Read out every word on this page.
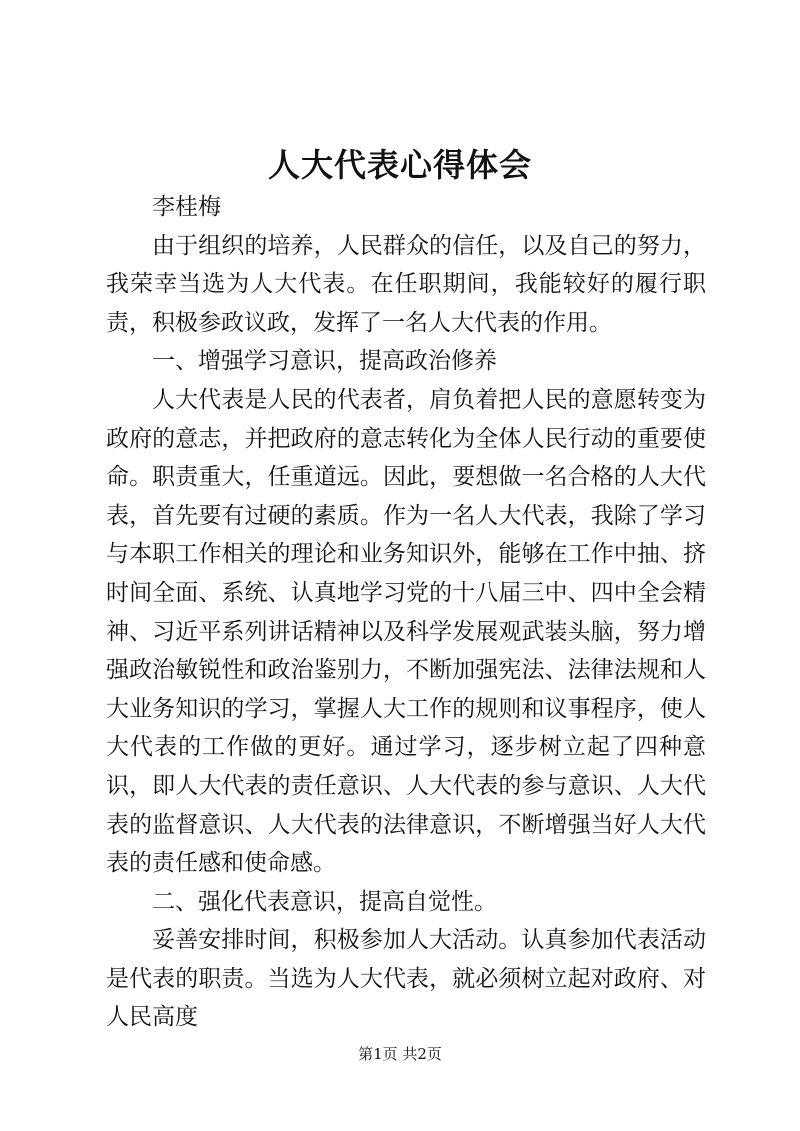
人大代表心得体会

李桂梅

由于组织的培养，人民群众的信任，以及自己的努力，我荣幸当选为人大代表。在任职期间，我能较好的履行职责，积极参政议政，发挥了一名人大代表的作用。

一、增强学习意识，提高政治修养

人大代表是人民的代表者，肩负着把人民的意愿转变为政府的意志，并把政府的意志转化为全体人民行动的重要使命。职责重大，任重道远。因此，要想做一名合格的人大代表，首先要有过硬的素质。作为一名人大代表，我除了学习与本职工作相关的理论和业务知识外，能够在工作中抽、挤时间全面、系统、认真地学习党的十八届三中、四中全会精神、习近平系列讲话精神以及科学发展观武装头脑，努力增强政治敏锐性和政治鉴别力，不断加强宪法、法律法规和人大业务知识的学习，掌握人大工作的规则和议事程序，使人大代表的工作做的更好。通过学习，逐步树立起了四种意识，即人大代表的责任意识、人大代表的参与意识、人大代表的监督意识、人大代表的法律意识，不断增强当好人大代表的责任感和使命感。

二、强化代表意识，提高自觉性。

妥善安排时间，积极参加人大活动。认真参加代表活动是代表的职责。当选为人大代表，就必须树立起对政府、对人民高度

第1页 共2页
